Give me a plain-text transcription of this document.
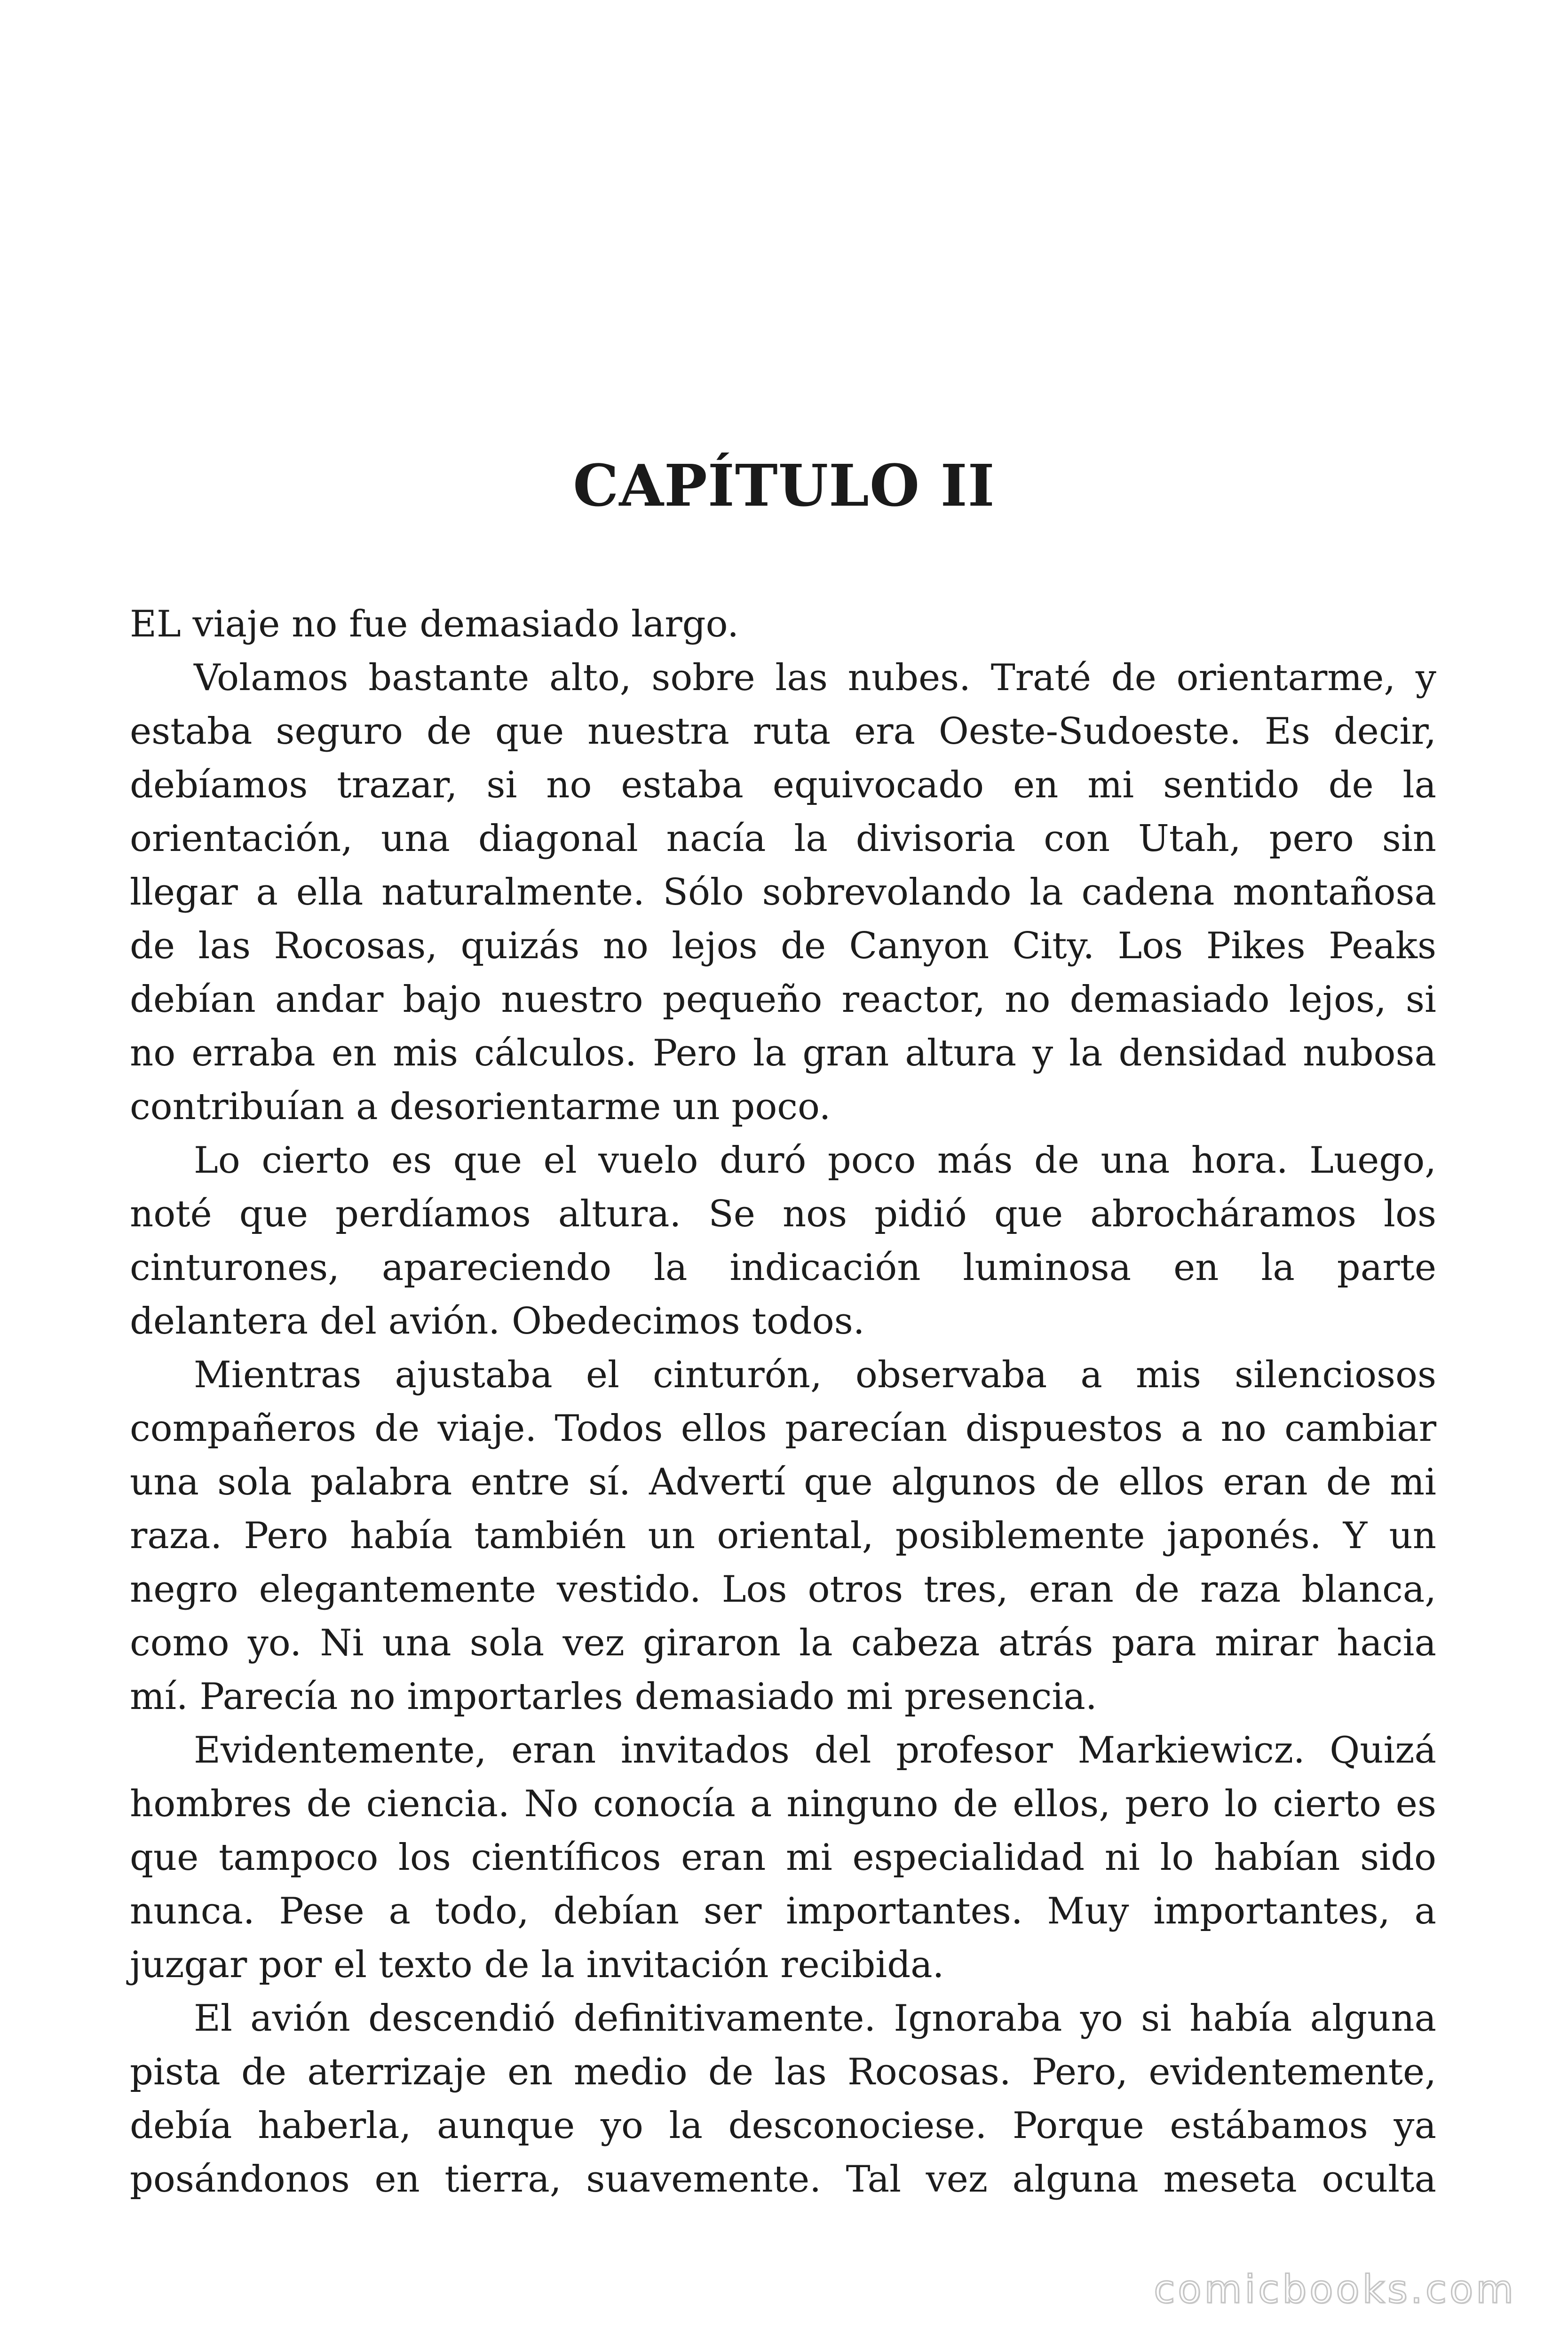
CAPÍTULO II
EL viaje no fue demasiado largo.
Volamos bastante alto, sobre las nubes. Traté de orientarme, y
estaba seguro de que nuestra ruta era Oeste-Sudoeste. Es decir,
debíamos trazar, si no estaba equivocado en mi sentido de la
orientación, una diagonal nacía la divisoria con Utah, pero sin
llegar a ella naturalmente. Sólo sobrevolando la cadena montañosa
de las Rocosas, quizás no lejos de Canyon City. Los Pikes Peaks
debían andar bajo nuestro pequeño reactor, no demasiado lejos, si
no erraba en mis cálculos. Pero la gran altura y la densidad nubosa
contribuían a desorientarme un poco.
Lo cierto es que el vuelo duró poco más de una hora. Luego,
noté que perdíamos altura. Se nos pidió que abrocháramos los
cinturones, apareciendo la indicación luminosa en la parte
delantera del avión. Obedecimos todos.
Mientras ajustaba el cinturón, observaba a mis silenciosos
compañeros de viaje. Todos ellos parecían dispuestos a no cambiar
una sola palabra entre sí. Advertí que algunos de ellos eran de mi
raza. Pero había también un oriental, posiblemente japonés. Y un
negro elegantemente vestido. Los otros tres, eran de raza blanca,
como yo. Ni una sola vez giraron la cabeza atrás para mirar hacia
mí. Parecía no importarles demasiado mi presencia.
Evidentemente, eran invitados del profesor Markiewicz. Quizá
hombres de ciencia. No conocía a ninguno de ellos, pero lo cierto es
que tampoco los científicos eran mi especialidad ni lo habían sido
nunca. Pese a todo, debían ser importantes. Muy importantes, a
juzgar por el texto de la invitación recibida.
El avión descendió definitivamente. Ignoraba yo si había alguna
pista de aterrizaje en medio de las Rocosas. Pero, evidentemente,
debía haberla, aunque yo la desconociese. Porque estábamos ya
posándonos en tierra, suavemente. Tal vez alguna meseta oculta
comicbooks.com
